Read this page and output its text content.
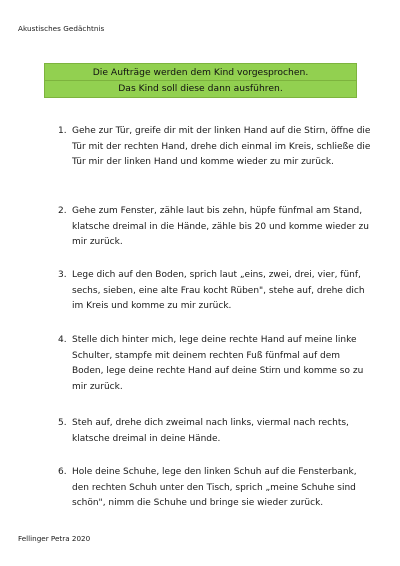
Akustisches Gedächtnis
Die Aufträge werden dem Kind vorgesprochen.
Das Kind soll diese dann ausführen.
1. Gehe zur Tür, greife dir mit der linken Hand auf die Stirn, öffne die
Tür mit der rechten Hand, drehe dich einmal im Kreis, schließe die
Tür mir der linken Hand und komme wieder zu mir zurück.
2. Gehe zum Fenster, zähle laut bis zehn, hüpfe fünfmal am Stand,
klatsche dreimal in die Hände, zähle bis 20 und komme wieder zu
mir zurück.
3. Lege dich auf den Boden, sprich laut „eins, zwei, drei, vier, fünf,
sechs, sieben, eine alte Frau kocht Rüben", stehe auf, drehe dich
im Kreis und komme zu mir zurück.
4. Stelle dich hinter mich, lege deine rechte Hand auf meine linke
Schulter, stampfe mit deinem rechten Fuß fünfmal auf dem
Boden, lege deine rechte Hand auf deine Stirn und komme so zu
mir zurück.
5. Steh auf, drehe dich zweimal nach links, viermal nach rechts,
klatsche dreimal in deine Hände.
6. Hole deine Schuhe, lege den linken Schuh auf die Fensterbank,
den rechten Schuh unter den Tisch, sprich „meine Schuhe sind
schön", nimm die Schuhe und bringe sie wieder zurück.
Fellinger Petra 2020
